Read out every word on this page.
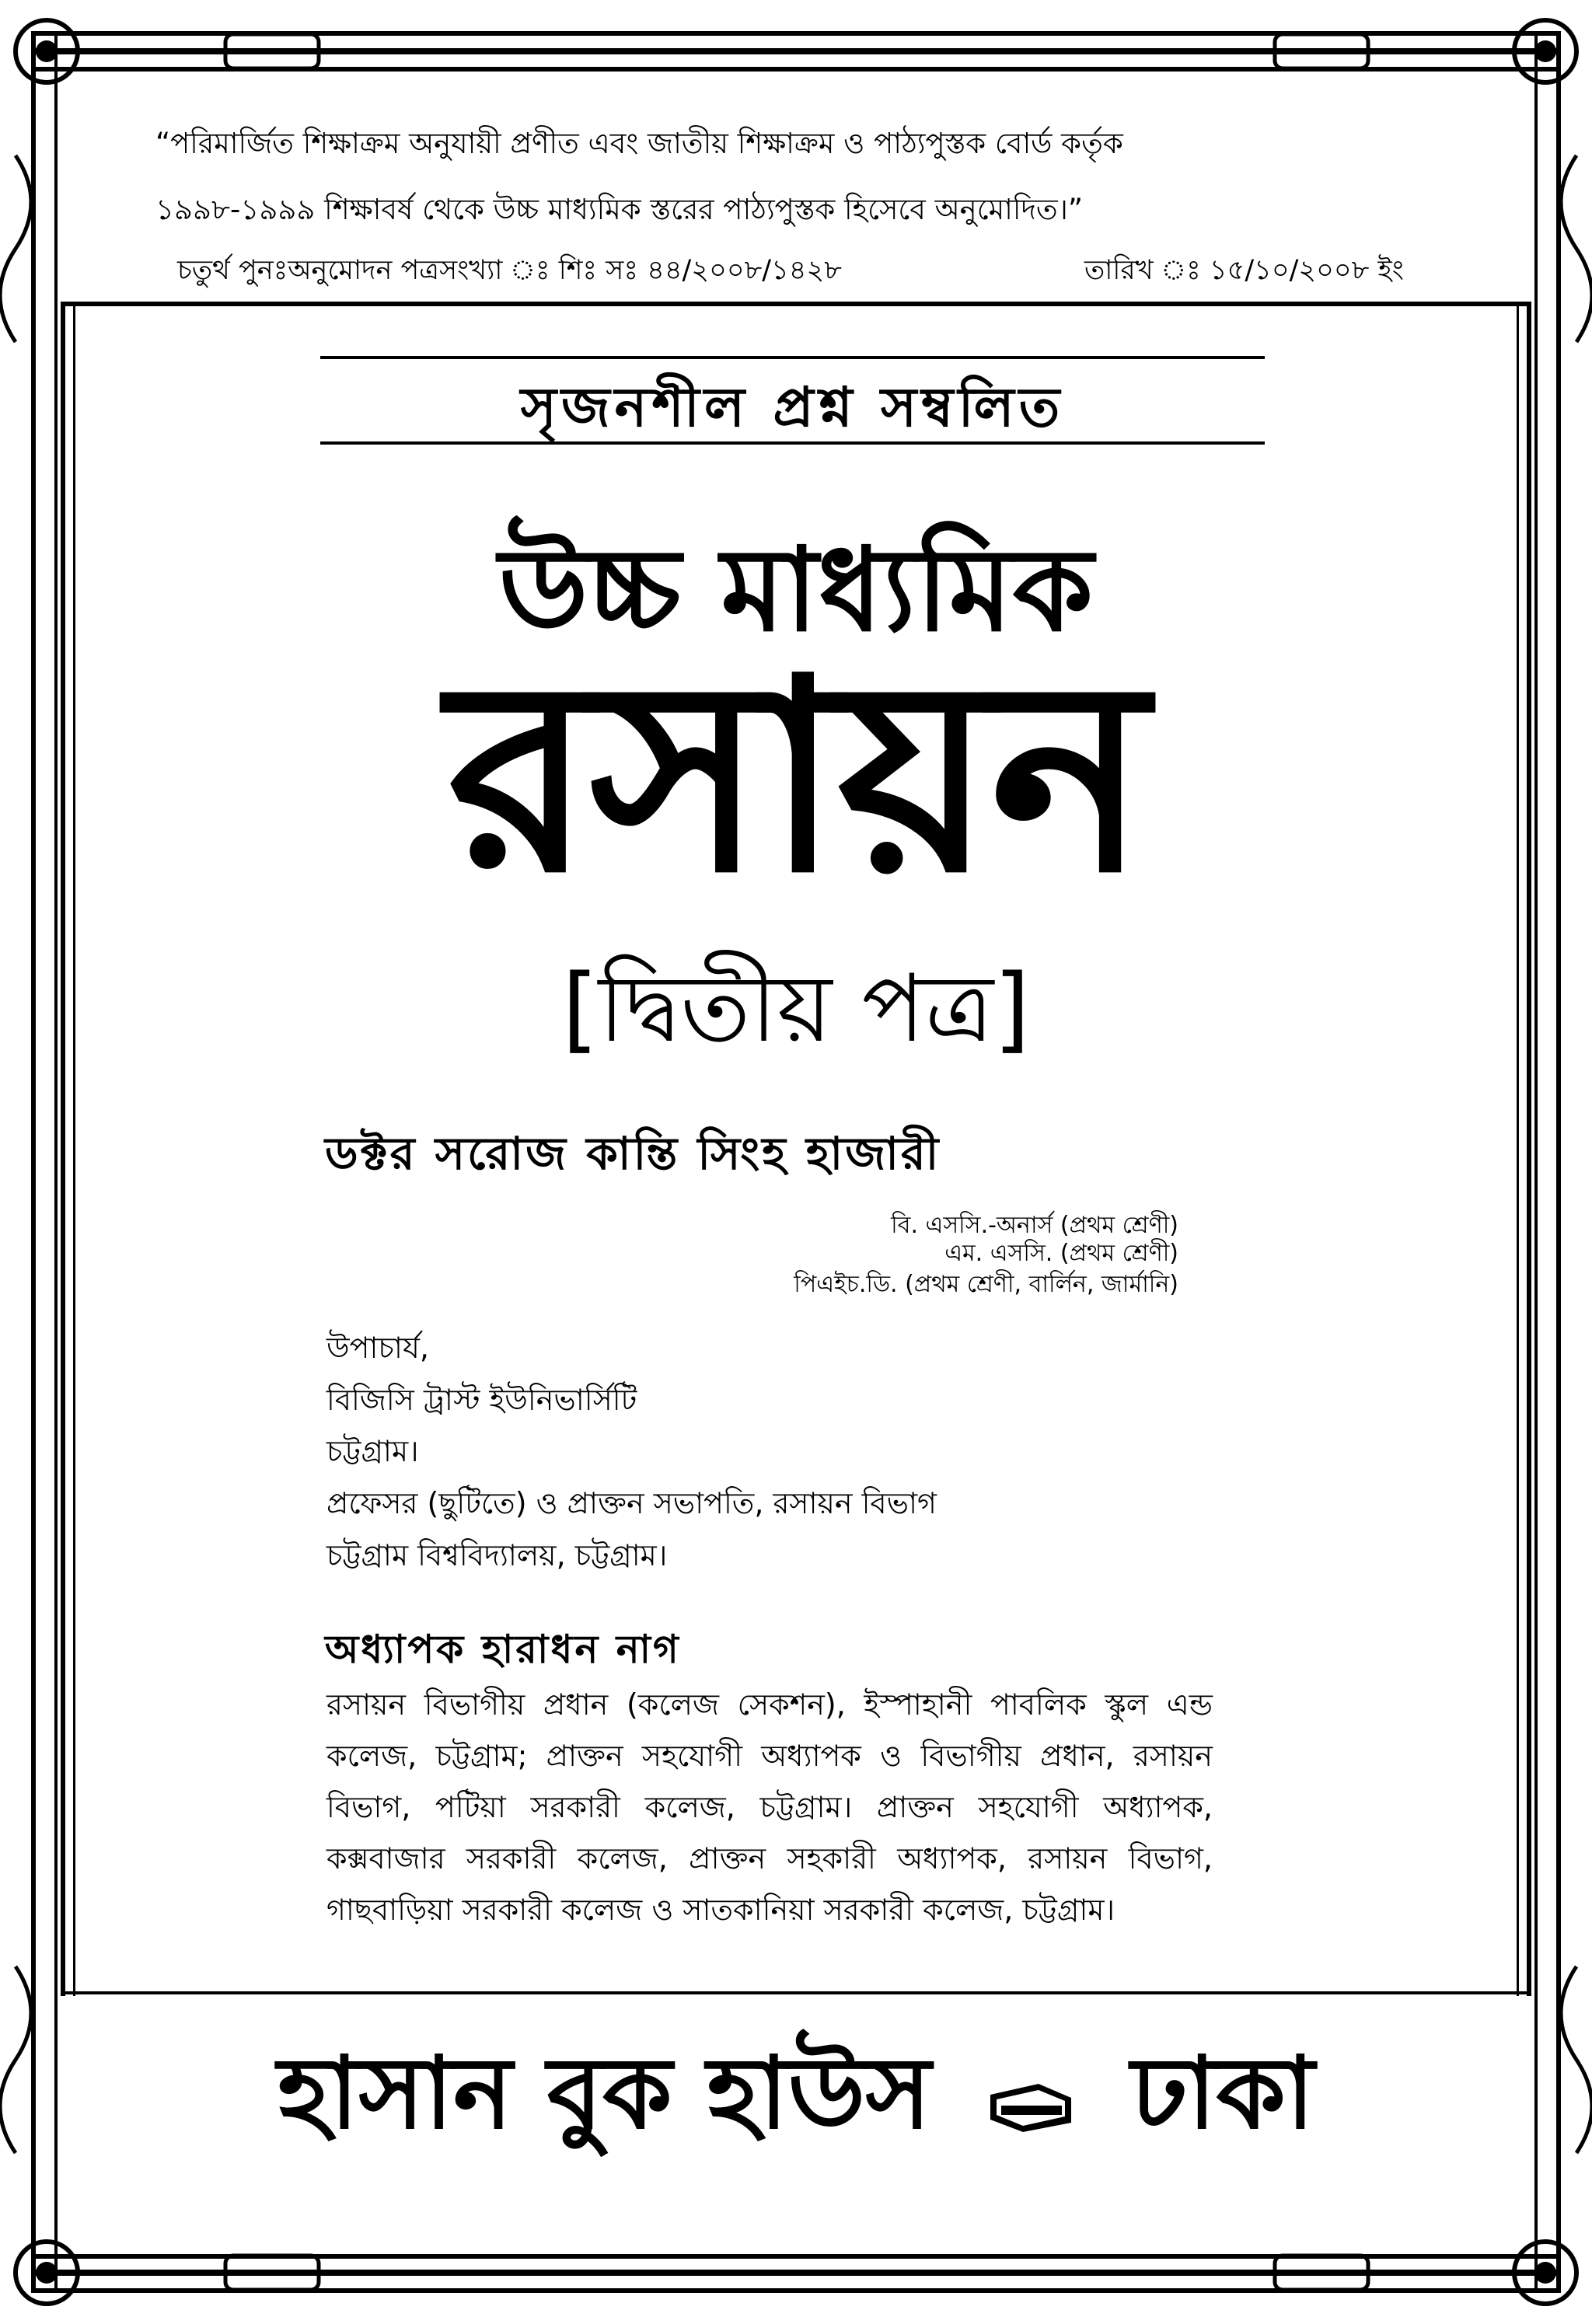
“পরিমার্জিত শিক্ষাক্রম অনুযায়ী প্রণীত এবং জাতীয় শিক্ষাক্রম ও পাঠ্যপুস্তক বোর্ড কর্তৃক
১৯৯৮-১৯৯৯ শিক্ষাবর্ষ থেকে উচ্চ মাধ্যমিক স্তরের পাঠ্যপুস্তক হিসেবে অনুমোদিত।”
চতুর্থ পুনঃঅনুমোদন পত্রসংখ্যা ঃ শিঃ সঃ ৪৪/২০০৮/১৪২৮	তারিখ ঃ ১৫/১০/২০০৮ ইং
সৃজনশীল প্রশ্ন সম্বলিত
উচ্চ মাধ্যমিক
রসায়ন
[দ্বিতীয় পত্র]
ডক্টর সরোজ কান্তি সিংহ হাজারী
বি. এসসি.-অনার্স (প্রথম শ্রেণী)
এম. এসসি. (প্রথম শ্রেণী)
পিএইচ.ডি. (প্রথম শ্রেণী, বার্লিন, জার্মানি)
উপাচার্য,
বিজিসি ট্রাস্ট ইউনিভার্সিটি
চট্টগ্রাম।
প্রফেসর (ছুটিতে) ও প্রাক্তন সভাপতি, রসায়ন বিভাগ
চট্টগ্রাম বিশ্ববিদ্যালয়, চট্টগ্রাম।
অধ্যাপক হারাধন নাগ
রসায়ন বিভাগীয় প্রধান (কলেজ সেকশন), ইস্পাহানী পাবলিক স্কুল এন্ড কলেজ, চট্টগ্রাম; প্রাক্তন সহযোগী অধ্যাপক ও বিভাগীয় প্রধান, রসায়ন বিভাগ, পটিয়া সরকারী কলেজ, চট্টগ্রাম। প্রাক্তন সহযোগী অধ্যাপক, কক্সবাজার সরকারী কলেজ, প্রাক্তন সহকারী অধ্যাপক, রসায়ন বিভাগ, গাছবাড়িয়া সরকারী কলেজ ও সাতকানিয়া সরকারী কলেজ, চট্টগ্রাম।
হাসান বুক হাউস ঢাকা
